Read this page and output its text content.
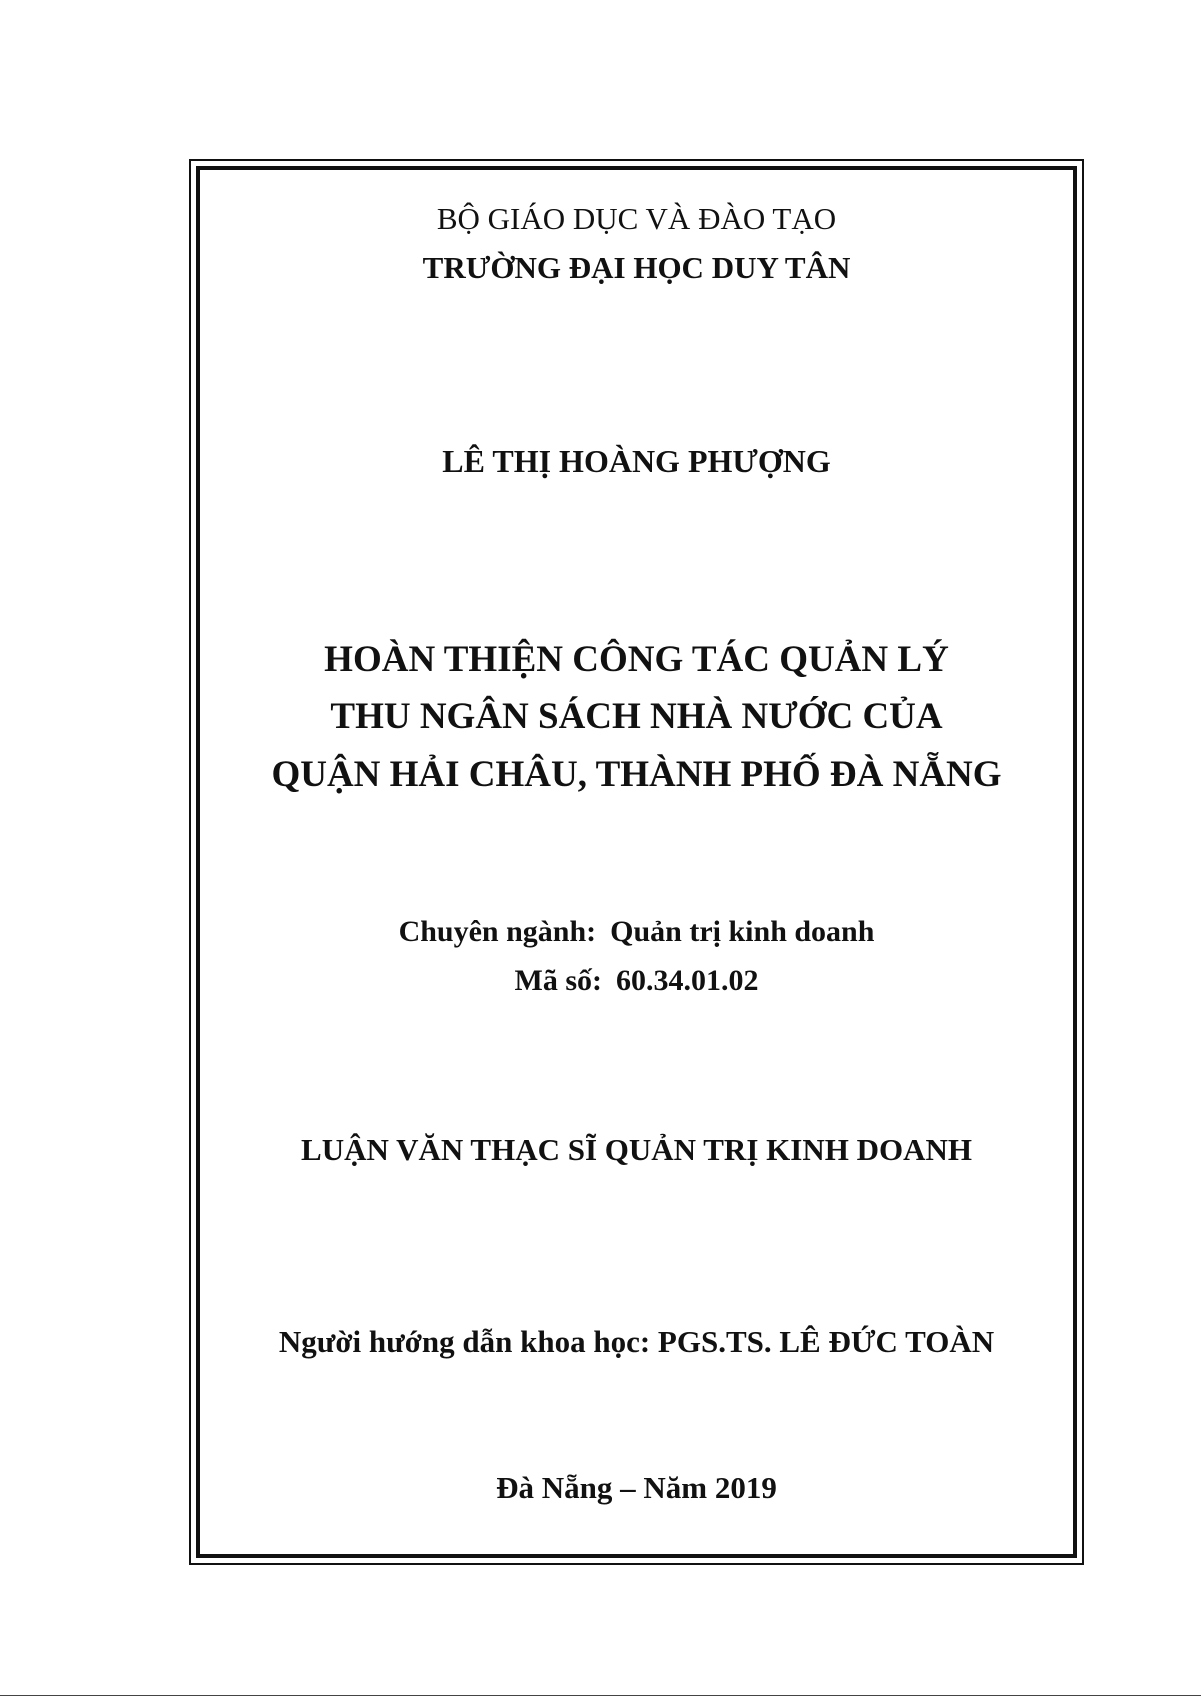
BỘ GIÁO DỤC VÀ ĐÀO TẠO
TRƯỜNG ĐẠI HỌC DUY TÂN
LÊ THỊ HOÀNG PHƯỢNG
HOÀN THIỆN CÔNG TÁC QUẢN LÝ
THU NGÂN SÁCH NHÀ NƯỚC CỦA
QUẬN HẢI CHÂU, THÀNH PHỐ ĐÀ NẴNG
Chuyên ngành: Quản trị kinh doanh
Mã số: 60.34.01.02
LUẬN VĂN THẠC SĨ QUẢN TRỊ KINH DOANH
Người hướng dẫn khoa học: PGS.TS. LÊ ĐỨC TOÀN
Đà Nẵng – Năm 2019
